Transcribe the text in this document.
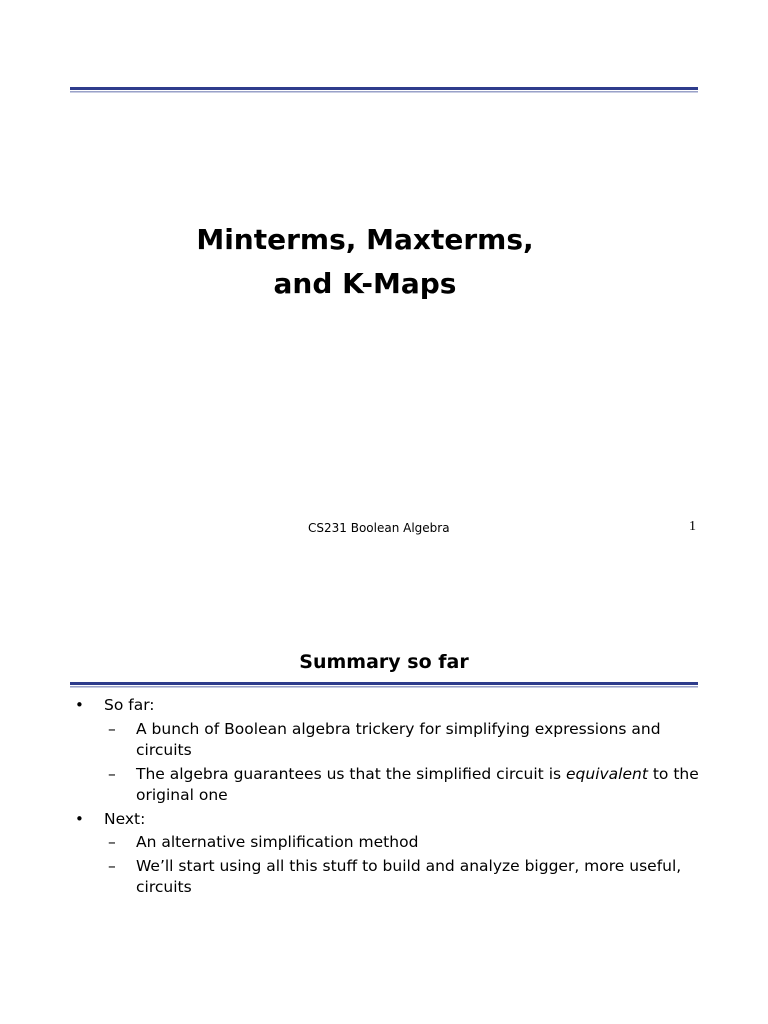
Minterms, Maxterms,
and K-Maps
CS231 Boolean Algebra	1
Summary so far
• So far:
– A bunch of Boolean algebra trickery for simplifying expressions and circuits
– The algebra guarantees us that the simplified circuit is equivalent to the original one
• Next:
– An alternative simplification method
– We’ll start using all this stuff to build and analyze bigger, more useful, circuits
